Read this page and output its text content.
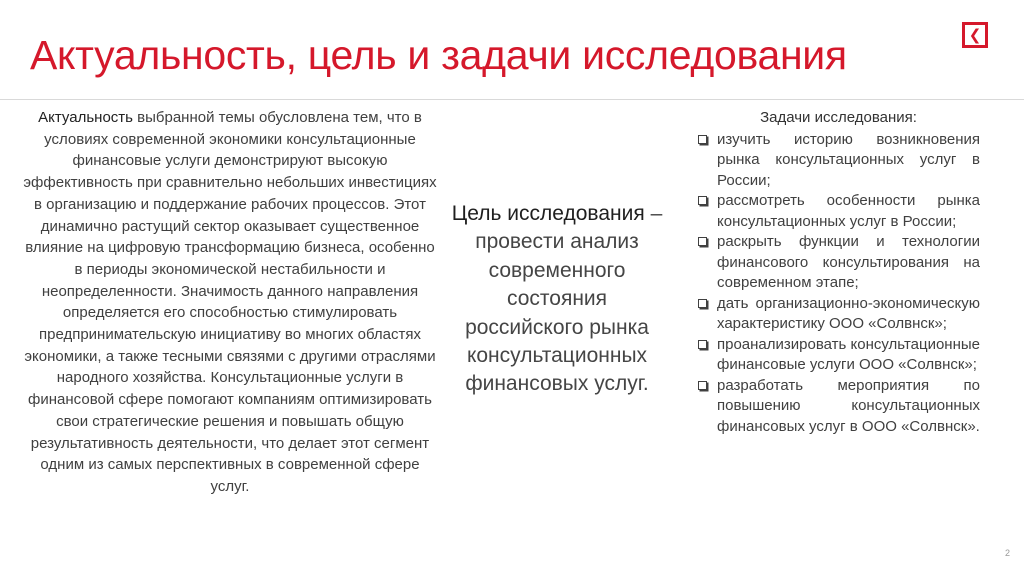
Актуальность, цель и задачи исследования	❮
Актуальность выбранной темы обусловлена тем, что в условиях современной экономики консультационные финансовые услуги демонстрируют высокую эффективность при сравнительно небольших инвестициях в организацию и поддержание рабочих процессов. Этот динамично растущий сектор оказывает существенное влияние на цифровую трансформацию бизнеса, особенно в периоды экономической нестабильности и неопределенности. Значимость данного направления определяется его способностью стимулировать предпринимательскую инициативу во многих областях экономики, а также тесными связями с другими отраслями народного хозяйства. Консультационные услуги в финансовой сфере помогают компаниям оптимизировать свои стратегические решения и повышать общую результативность деятельности, что делает этот сегмент одним из самых перспективных в современной сфере услуг.
Цель исследования – провести анализ современного состояния российского рынка консультационных финансовых услуг.
Задачи исследования:
изучить историю возникновения рынка консультационных услуг в России;
рассмотреть особенности рынка консультационных услуг в России;
раскрыть функции и технологии финансового консультирования на современном этапе;
дать организационно-экономическую характеристику ООО «Солвнск»;
проанализировать консультационные финансовые услуги ООО «Солвнск»;
разработать мероприятия по повышению консультационных финансовых услуг в ООО «Солвнск».
2
